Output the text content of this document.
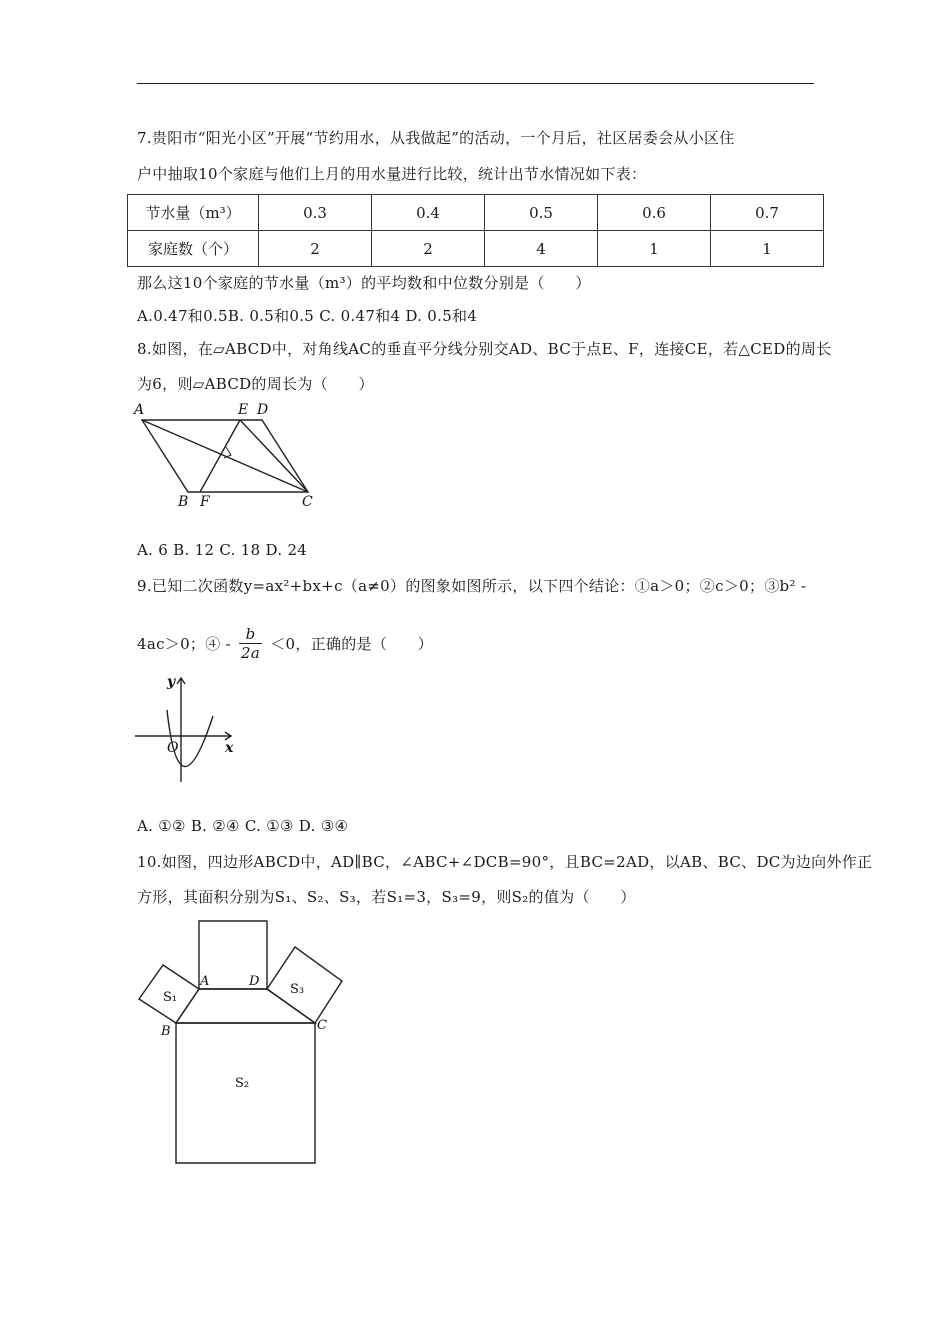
7.贵阳市“阳光小区”开展“节约用水，从我做起”的活动，一个月后，社区居委会从小区住
户中抽取10个家庭与他们上月的用水量进行比较，统计出节水情况如下表：
节水量（m³）	0.3	0.4	0.5	0.6	0.7
家庭数（个）	2	2	4	1	1
那么这10个家庭的节水量（m³）的平均数和中位数分别是（　　）
A.0.47和0.5B. 0.5和0.5 C. 0.47和4 D. 0.5和4
8.如图，在▱ABCD中，对角线AC的垂直平分线分别交AD、BC于点E、F，连接CE，若△CED的周长
为6，则▱ABCD的周长为（　　）
A	E D
B F	C
A. 6 B. 12 C. 18 D. 24
9.已知二次函数y=ax²+bx+c（a≠0）的图象如图所示，以下四个结论：①a＞0；②c＞0；③b² -
4ac＞0；④ - $\frac{b}{2a} <0$，正确的是（　　）
y
O	x
A. ①② B. ②④ C. ①③ D. ③④
10.如图，四边形ABCD中，AD∥BC，∠ABC+∠DCB=90°，且BC=2AD，以AB、BC、DC为边向外作正
方形，其面积分别为S₁、S₂、S₃，若S₁=3，S₃=9，则S₂的值为（　　）
A	D
B	C
S₁
S₃
S₂
